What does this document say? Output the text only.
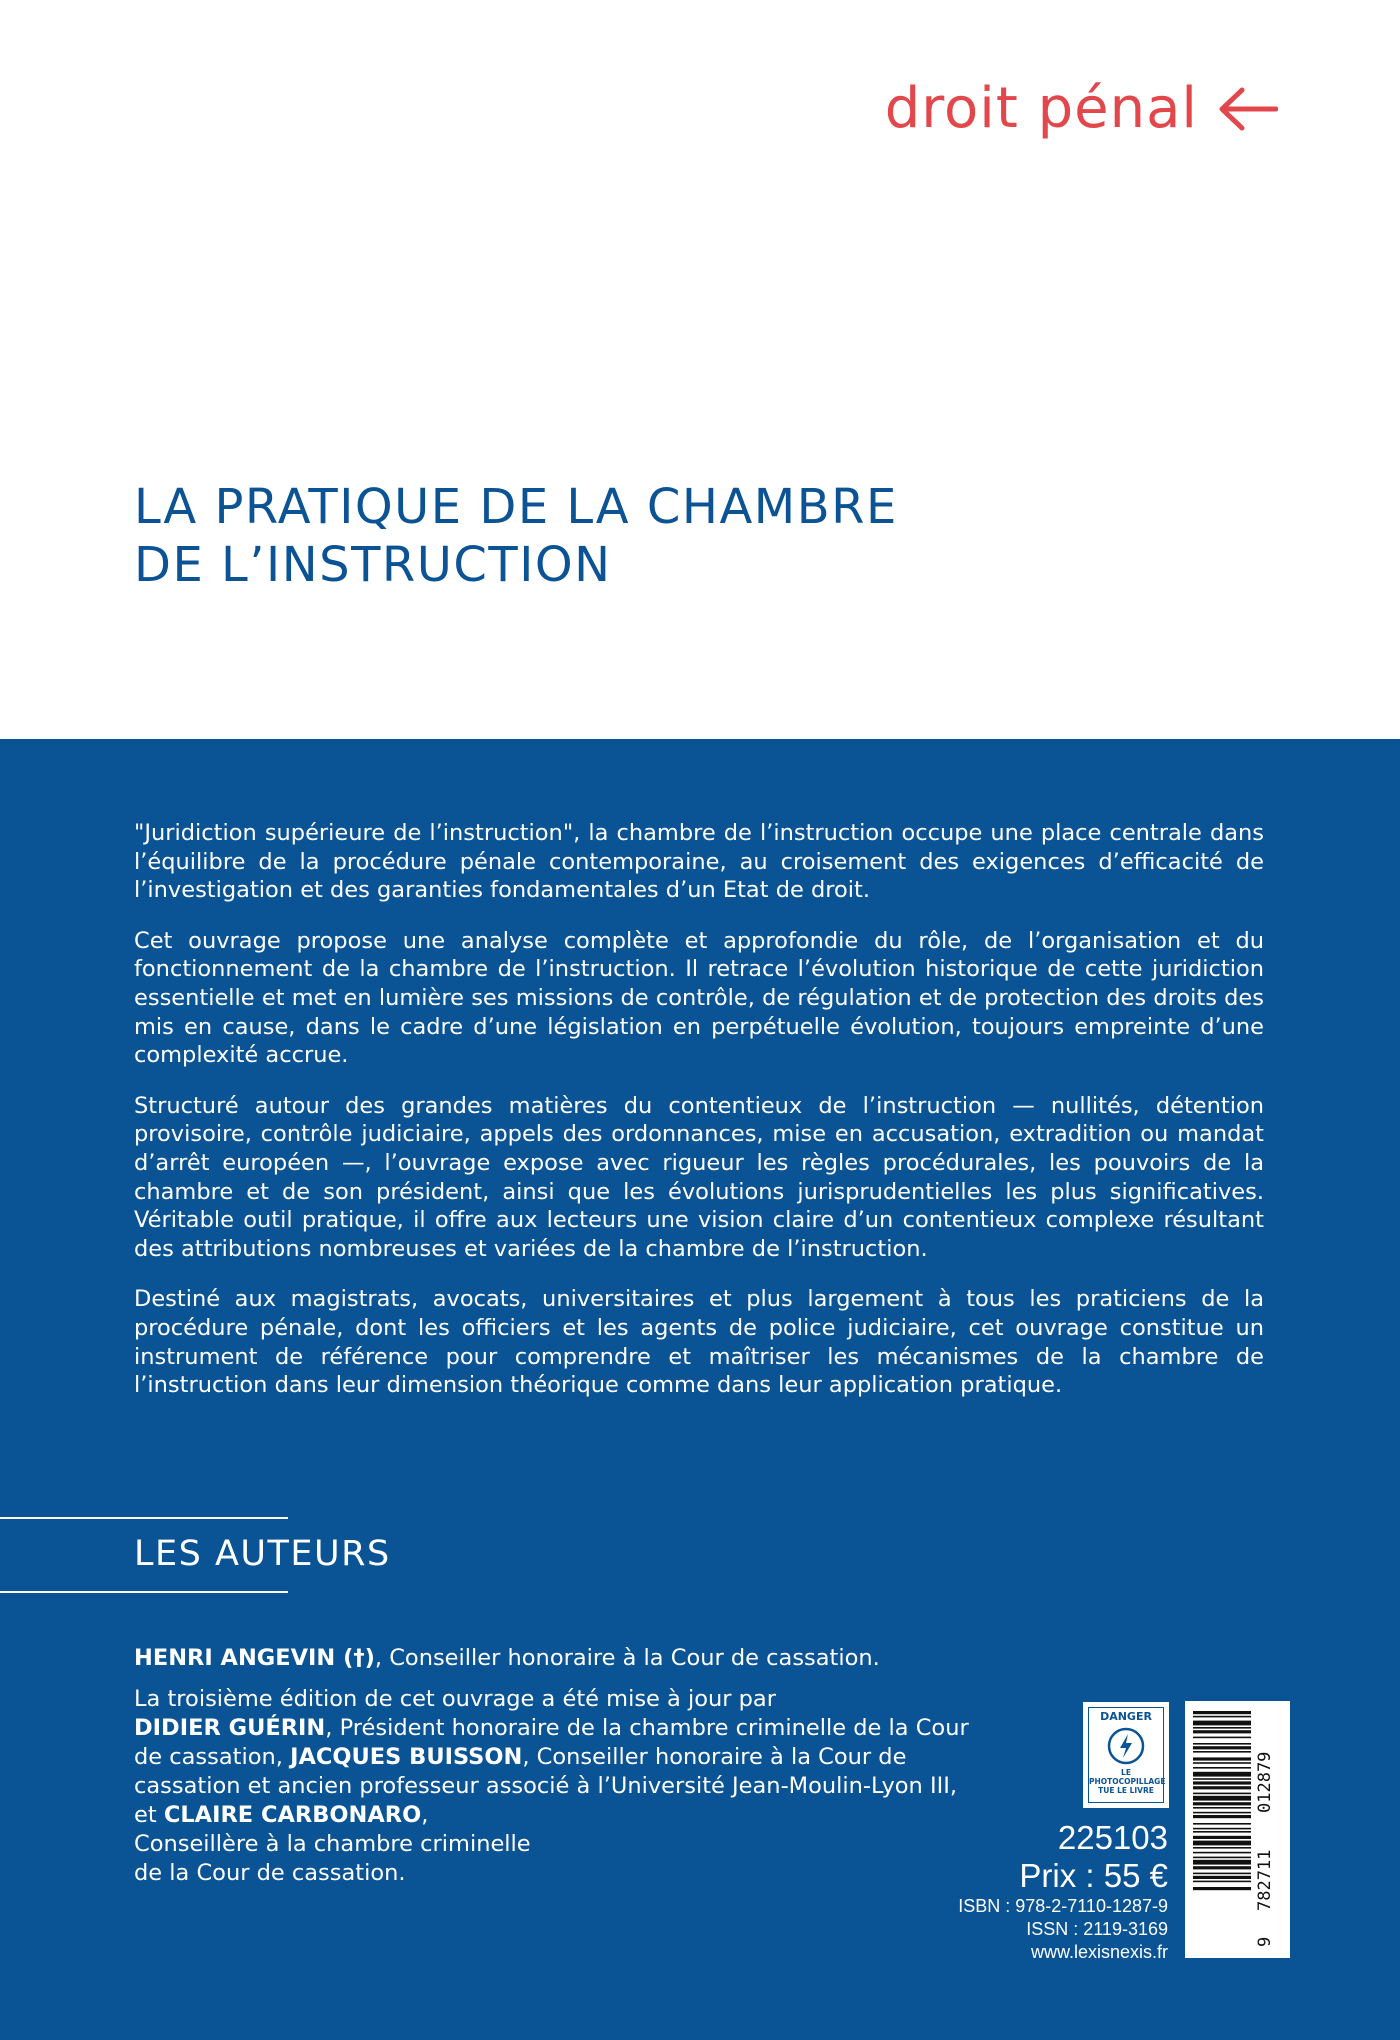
droit pénal
LA PRATIQUE DE LA CHAMBRE
DE L’INSTRUCTION

"Juridiction supérieure de l’instruction", la chambre de l’instruction occupe une place centrale dans l’équilibre de la procédure pénale contemporaine, au croisement des exigences d’efficacité de l’investigation et des garanties fondamentales d’un Etat de droit.

Cet ouvrage propose une analyse complète et approfondie du rôle, de l’organisation et du fonctionnement de la chambre de l’instruction. Il retrace l’évolution historique de cette juridiction essentielle et met en lumière ses missions de contrôle, de régulation et de protection des droits des mis en cause, dans le cadre d’une législation en perpétuelle évolution, toujours empreinte d’une complexité accrue.

Structuré autour des grandes matières du contentieux de l’instruction — nullités, détention provisoire, contrôle judiciaire, appels des ordonnances, mise en accusation, extradition ou mandat d’arrêt européen —, l’ouvrage expose avec rigueur les règles procédurales, les pouvoirs de la chambre et de son président, ainsi que les évolutions jurisprudentielles les plus significatives. Véritable outil pratique, il offre aux lecteurs une vision claire d’un contentieux complexe résultant des attributions nombreuses et variées de la chambre de l’instruction.

Destiné aux magistrats, avocats, universitaires et plus largement à tous les praticiens de la procédure pénale, dont les officiers et les agents de police judiciaire, cet ouvrage constitue un instrument de référence pour comprendre et maîtriser les mécanismes de la chambre de l’instruction dans leur dimension théorique comme dans leur application pratique.

LES AUTEURS

HENRI ANGEVIN (†), Conseiller honoraire à la Cour de cassation.

La troisième édition de cet ouvrage a été mise à jour par
DIDIER GUÉRIN, Président honoraire de la chambre criminelle de la Cour de cassation, JACQUES BUISSON, Conseiller honoraire à la Cour de cassation et ancien professeur associé à l’Université Jean-Moulin-Lyon III, et CLAIRE CARBONARO,
Conseillère à la chambre criminelle
de la Cour de cassation.

DANGER
LE
PHOTOCOPILLAGE
TUE LE LIVRE
9
782711
012879
225103
Prix : 55 €
ISBN : 978-2-7110-1287-9
ISSN : 2119-3169
www.lexisnexis.fr
